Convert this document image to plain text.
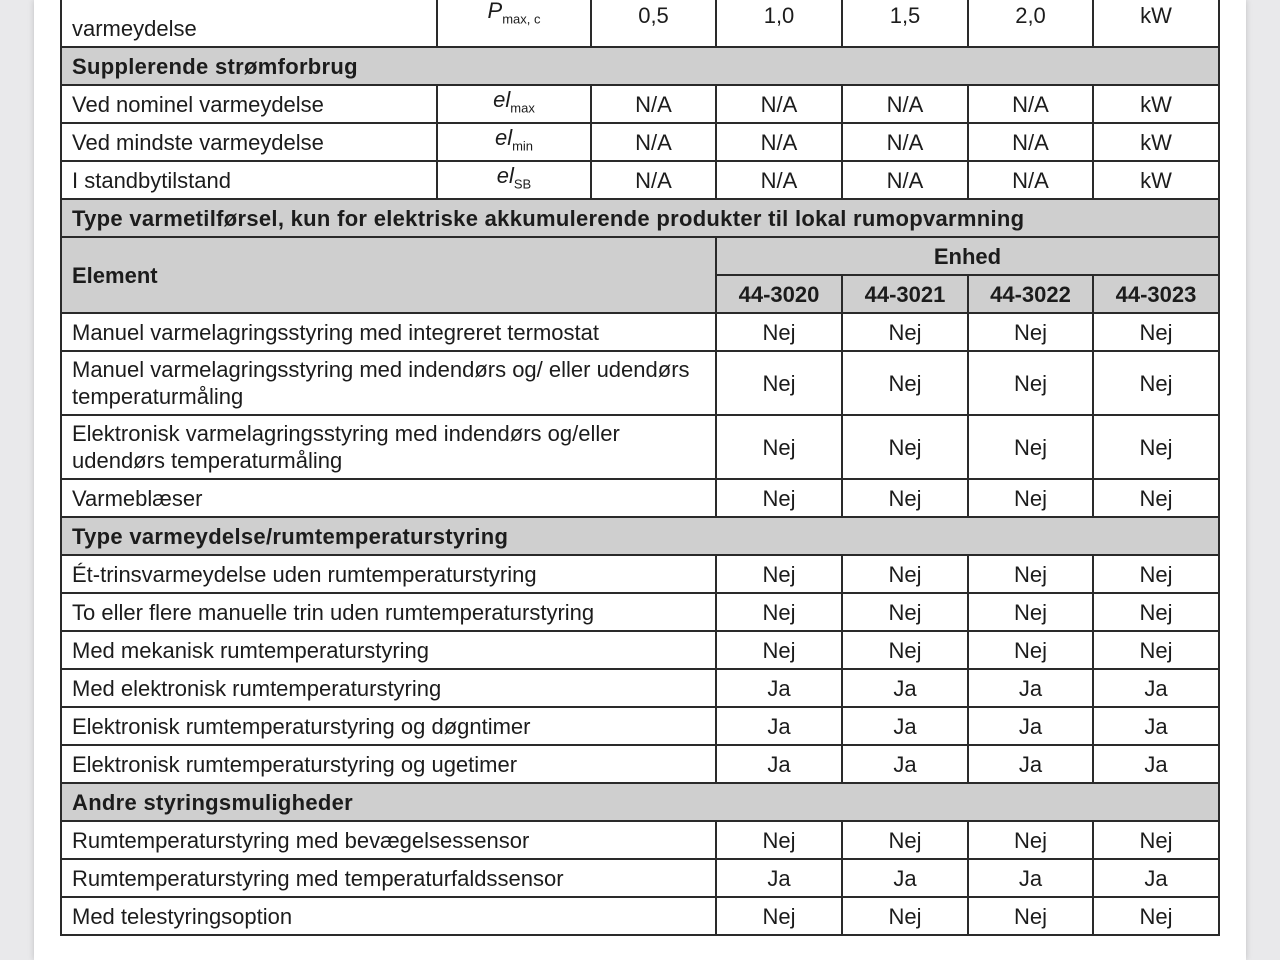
varmeydelse	$P_{max, c}$	0,5	1,0	1,5	2,0	kW
Supplerende strømforbrug						
Ved nominel varmeydelse	$el_{max}$	N/A	N/A	N/A	N/A	kW
Ved mindste varmeydelse	$el_{min}$	N/A	N/A	N/A	N/A	kW
I standbytilstand	$el_{SB}$	N/A	N/A	N/A	N/A	kW
Type varmetilførsel, kun for elektriske akkumulerende produkter til lokal rumopvarmning						
Element			Enhed			
			44-3020	44-3021	44-3022	44-3023
Manuel varmelagringsstyring med integreret termostat			Nej	Nej	Nej	Nej
Manuel varmelagringsstyring med indendørs og/ eller udendørs temperaturmåling			Nej	Nej	Nej	Nej
Elektronisk varmelagringsstyring med indendørs og/eller udendørs temperaturmåling			Nej	Nej	Nej	Nej
Varmeblæser			Nej	Nej	Nej	Nej
Type varmeydelse/rumtemperaturstyring						
Ét-trinsvarmeydelse uden rumtemperaturstyring			Nej	Nej	Nej	Nej
To eller flere manuelle trin uden rumtemperaturstyring			Nej	Nej	Nej	Nej
Med mekanisk rumtemperaturstyring			Nej	Nej	Nej	Nej
Med elektronisk rumtemperaturstyring			Ja	Ja	Ja	Ja
Elektronisk rumtemperaturstyring og døgntimer			Ja	Ja	Ja	Ja
Elektronisk rumtemperaturstyring og ugetimer			Ja	Ja	Ja	Ja
Andre styringsmuligheder						
Rumtemperaturstyring med bevægelsessensor			Nej	Nej	Nej	Nej
Rumtemperaturstyring med temperaturfaldssensor			Ja	Ja	Ja	Ja
Med telestyringsoption			Nej	Nej	Nej	Nej
